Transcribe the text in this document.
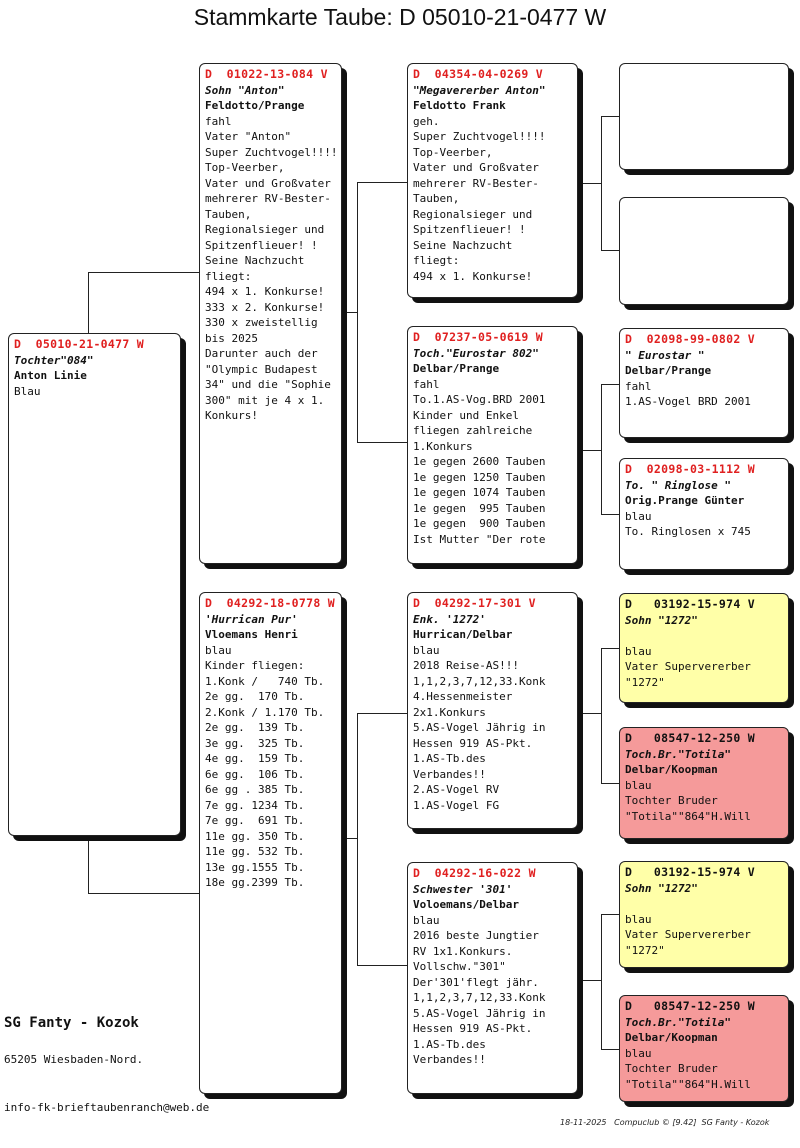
Stammkarte Taube: D 05010-21-0477 W
D  05010-21-0477 W
Tochter"084"
Anton Linie
Blau
D  01022-13-084 V
Sohn "Anton"
Feldotto/Prange
fahl
Vater "Anton"
Super Zuchtvogel!!!!
Top-Veerber,
Vater und Großvater
mehrerer RV-Bester-
Tauben,
Regionalsieger und
Spitzenflieuer! !
Seine Nachzucht
fliegt:
494 x 1. Konkurse!
333 x 2. Konkurse!
330 x zweistellig
bis 2025
Darunter auch der
"Olympic Budapest
34" und die "Sophie
300" mit je 4 x 1.
Konkurs!
D  04292-18-0778 W
'Hurrican Pur'
Vloemans Henri
blau
Kinder fliegen:
1.Konk /   740 Tb.
2e gg.  170 Tb.
2.Konk / 1.170 Tb.
2e gg.  139 Tb.
3e gg.  325 Tb.
4e gg.  159 Tb.
6e gg.  106 Tb.
6e gg . 385 Tb.
7e gg. 1234 Tb.
7e gg.  691 Tb.
11e gg. 350 Tb.
11e gg. 532 Tb.
13e gg.1555 Tb.
18e gg.2399 Tb.
D  04354-04-0269 V
"Megavererber Anton"
Feldotto Frank
geh.
Super Zuchtvogel!!!!
Top-Veerber,
Vater und Großvater
mehrerer RV-Bester-
Tauben,
Regionalsieger und
Spitzenflieuer! !
Seine Nachzucht
fliegt:
494 x 1. Konkurse!
D  07237-05-0619 W
Toch."Eurostar 802"
Delbar/Prange
fahl
To.1.AS-Vog.BRD 2001
Kinder und Enkel
fliegen zahlreiche
1.Konkurs
1e gegen 2600 Tauben
1e gegen 1250 Tauben
1e gegen 1074 Tauben
1e gegen  995 Tauben
1e gegen  900 Tauben
Ist Mutter "Der rote
D  04292-17-301 V
Enk. '1272'
Hurrican/Delbar
blau
2018 Reise-AS!!!
1,1,2,3,7,12,33.Konk
4.Hessenmeister
2x1.Konkurs
5.AS-Vogel Jährig in
Hessen 919 AS-Pkt.
1.AS-Tb.des
Verbandes!!
2.AS-Vogel RV
1.AS-Vogel FG
D  04292-16-022 W
Schwester '301'
Voloemans/Delbar
blau
2016 beste Jungtier
RV 1x1.Konkurs.
Vollschw."301"
Der'301'flegt jähr.
1,1,2,3,7,12,33.Konk
5.AS-Vogel Jährig in
Hessen 919 AS-Pkt.
1.AS-Tb.des
Verbandes!!
D  02098-99-0802 V
" Eurostar "
Delbar/Prange
fahl
1.AS-Vogel BRD 2001
D  02098-03-1112 W
To. " Ringlose "
Orig.Prange Günter
blau
To. Ringlosen x 745
D   03192-15-974 V
Sohn "1272"

blau
Vater Supervererber
"1272"
D   08547-12-250 W
Toch.Br."Totila"
Delbar/Koopman
blau
Tochter Bruder
"Totila""864"H.Will
D   03192-15-974 V
Sohn "1272"

blau
Vater Supervererber
"1272"
D   08547-12-250 W
Toch.Br."Totila"
Delbar/Koopman
blau
Tochter Bruder
"Totila""864"H.Will
SG Fanty - Kozok
65205 Wiesbaden-Nord.
info-fk-brieftaubenranch@web.de
18-11-2025   Compuclub © [9.42]  SG Fanty - Kozok
